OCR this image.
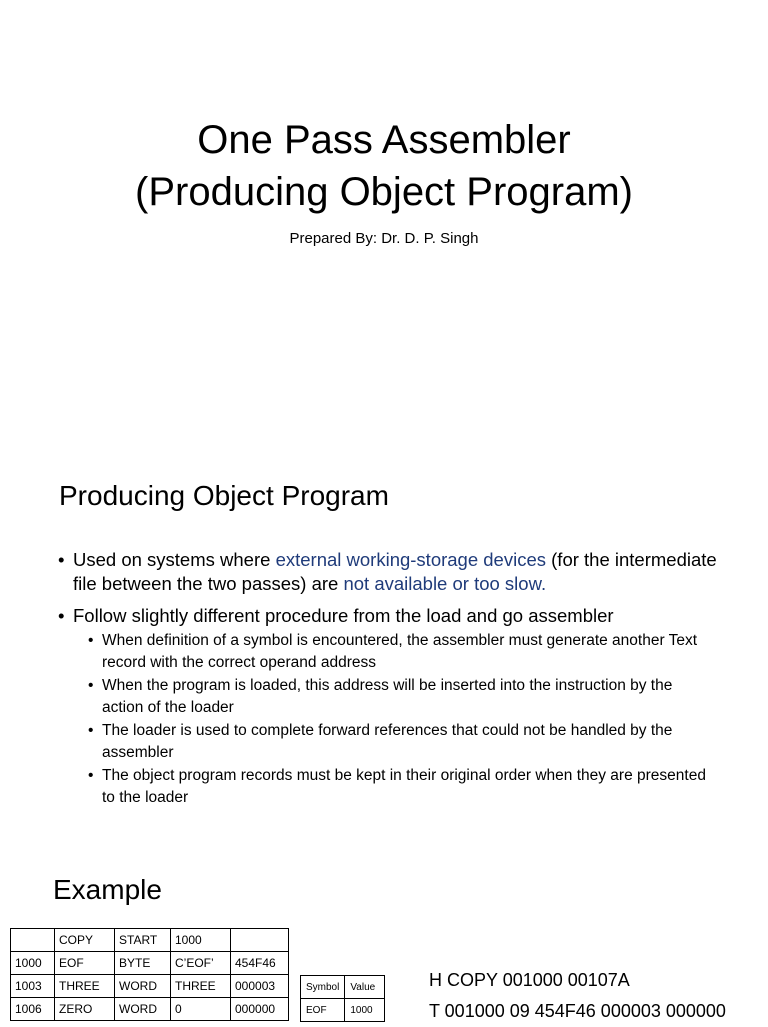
One Pass Assembler
(Producing Object Program)

Prepared By: Dr. D. P. Singh

Producing Object Program
• Used on systems where external working-storage devices (for the intermediate file between the two passes) are not available or too slow.
• Follow slightly different procedure from the load and go assembler
• When definition of a symbol is encountered, the assembler must generate another Text record with the correct operand address
• When the program is loaded, this address will be inserted into the instruction by the action of the loader
• The loader is used to complete forward references that could not be handled by the assembler
• The object program records must be kept in their original order when they are presented to the loader
Example
	COPY	START	1000	
1000	EOF	BYTE	C’EOF’	454F46
1003	THREE	WORD	THREE	000003
1006	ZERO	WORD	0	000000
Symbol	Value
EOF	1000
H COPY 001000 00107A
T 001000 09 454F46 000003 000000
